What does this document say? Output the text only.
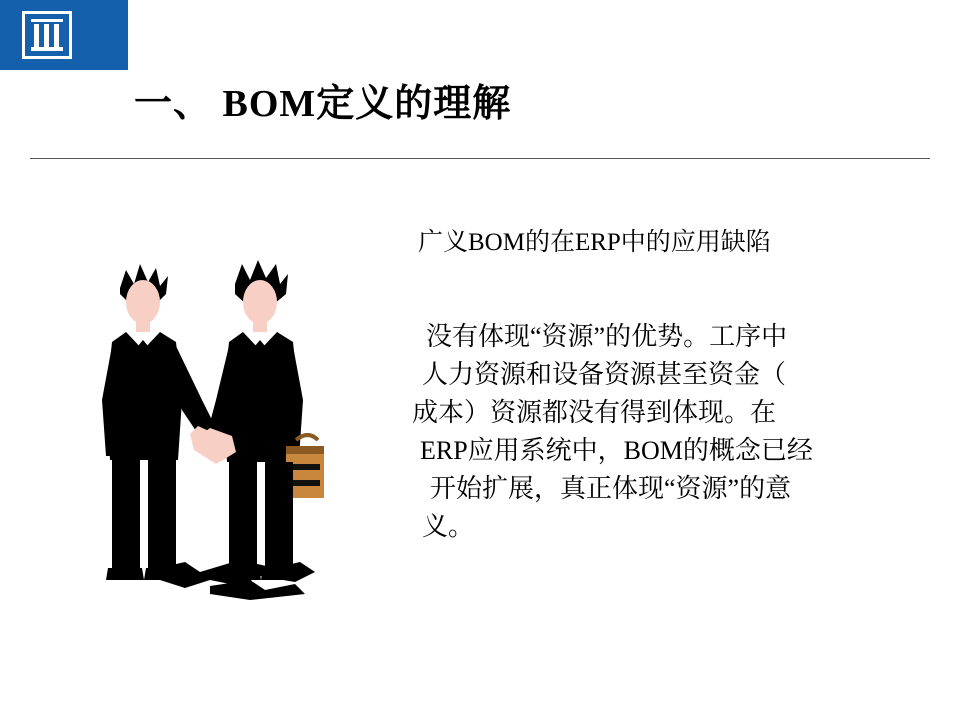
一、 BOM定义的理解
广义BOM的在ERP中的应用缺陷
没有体现“资源”的优势。工序中
人力资源和设备资源甚至资金（
成本）资源都没有得到体现。在
ERP应用系统中，BOM的概念已经
开始扩展，真正体现“资源”的意
义。
